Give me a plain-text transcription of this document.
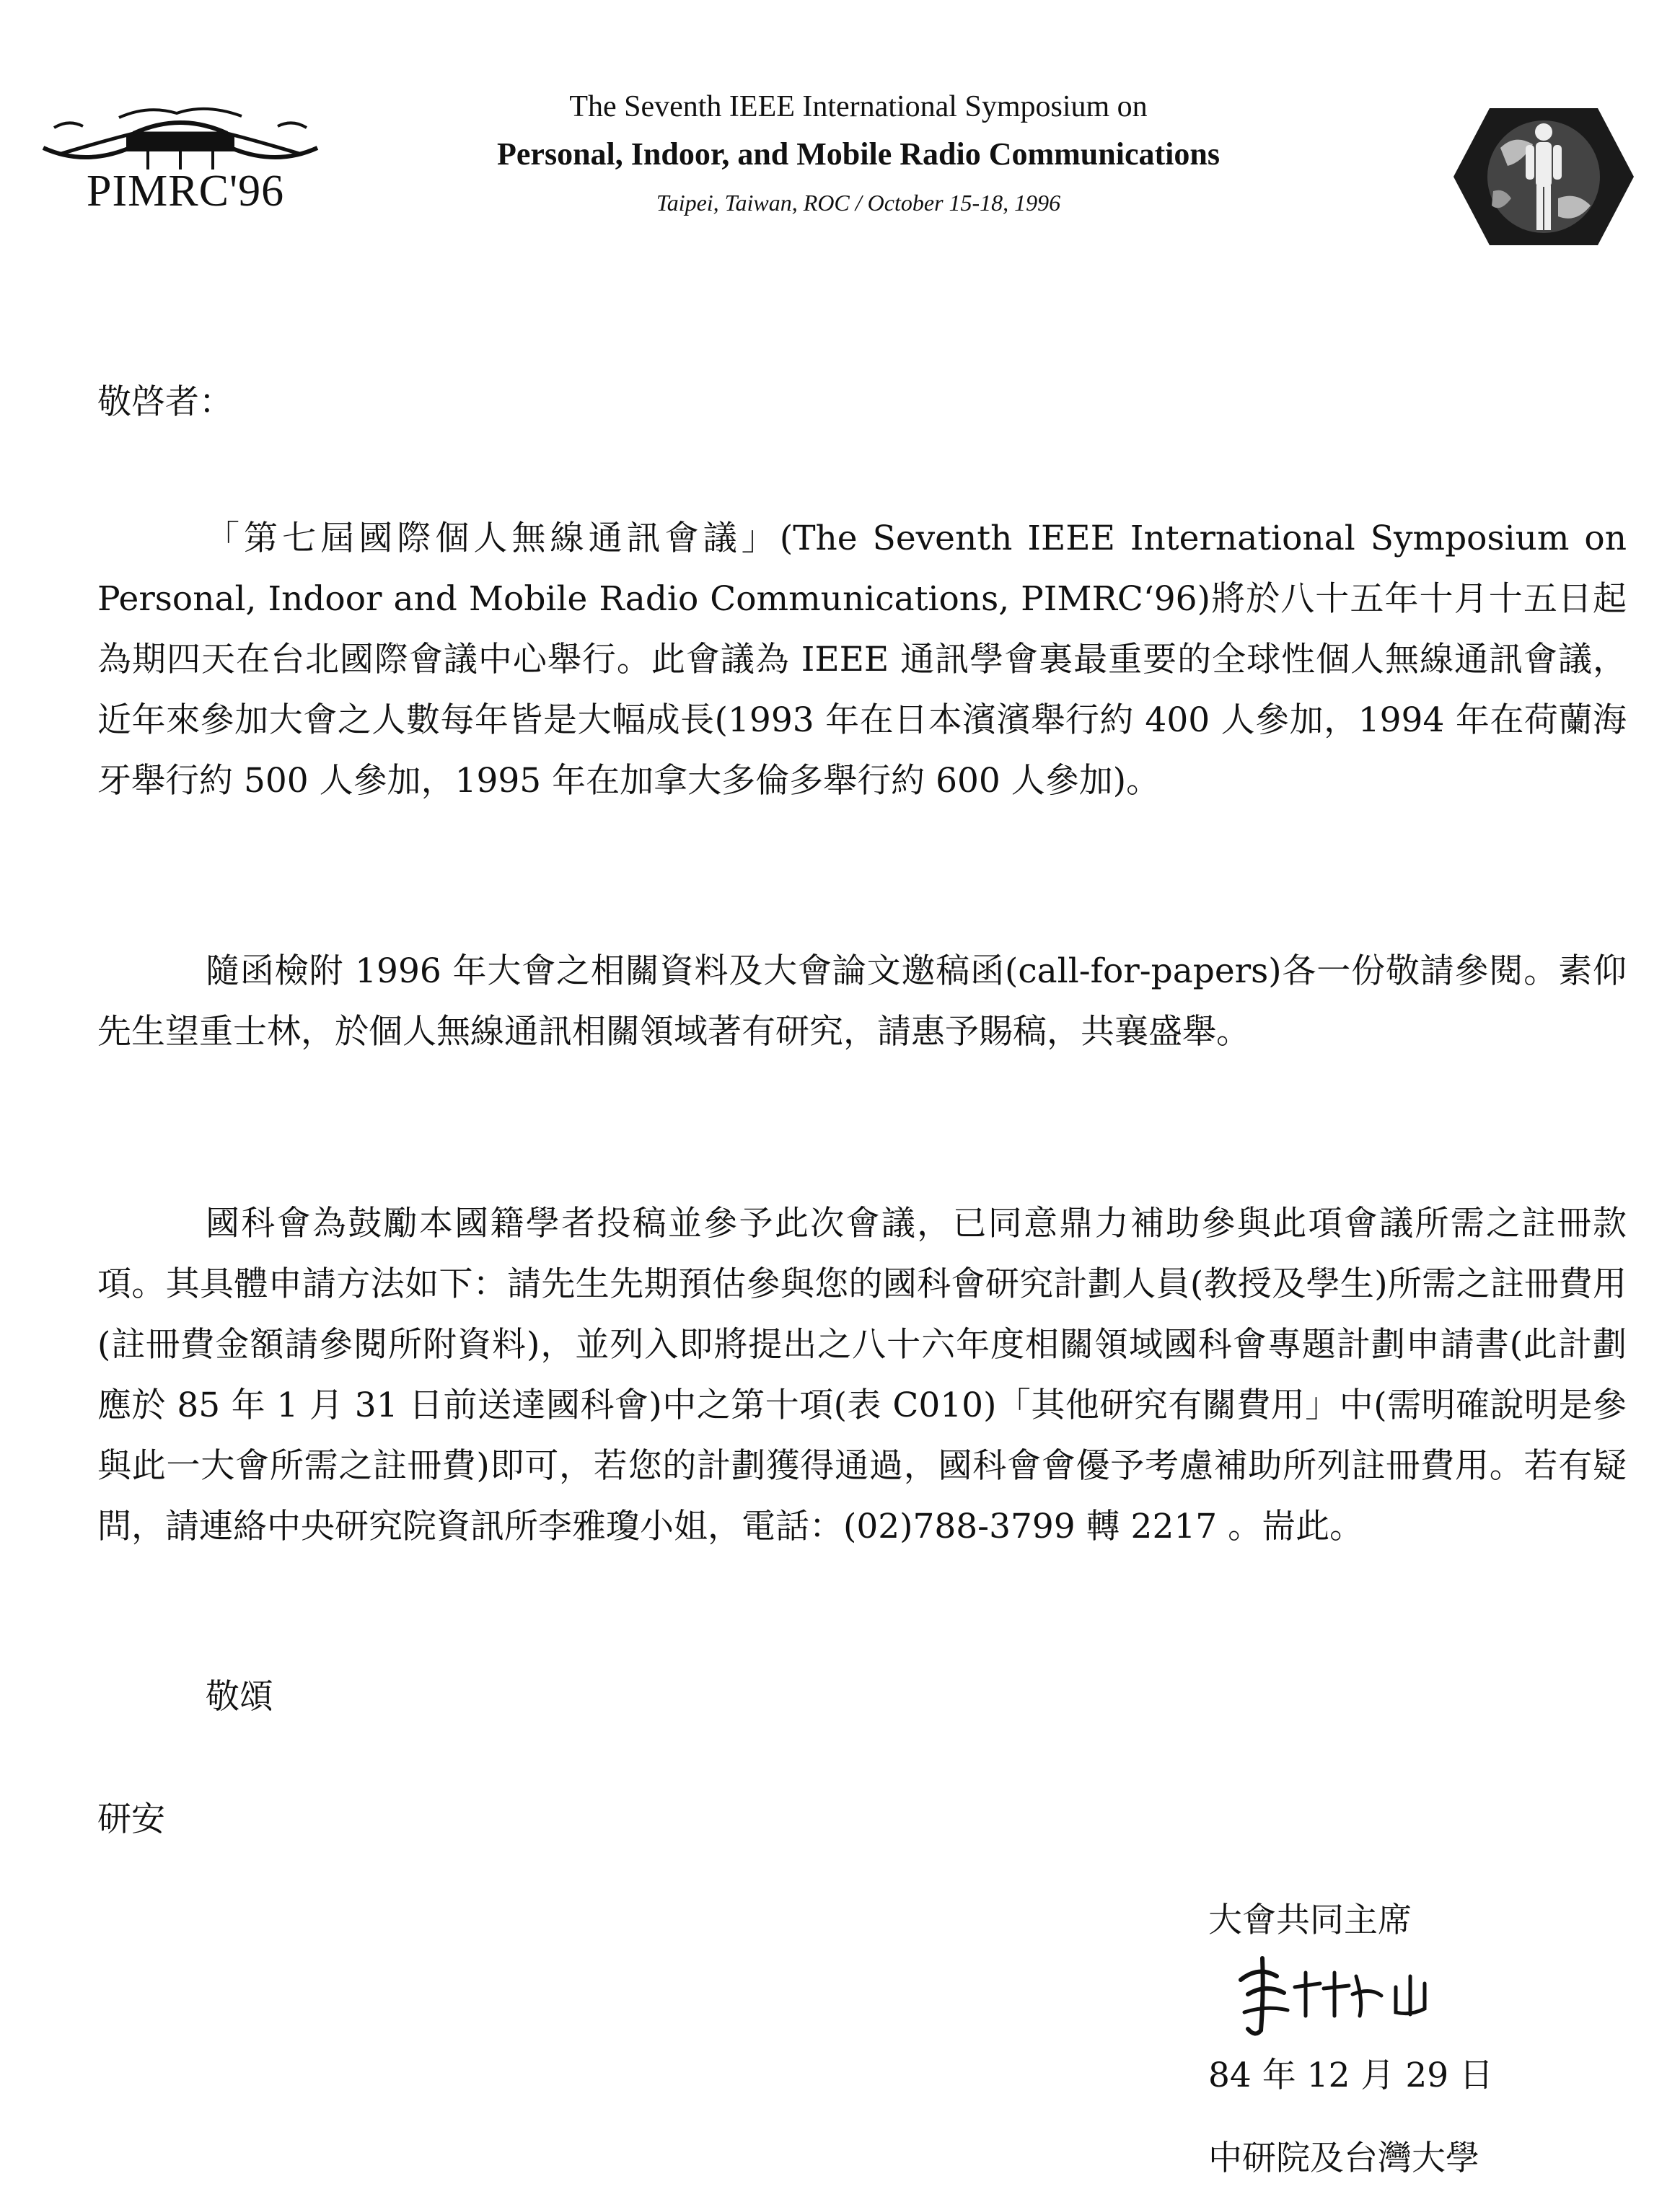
PIMRC'96
The Seventh IEEE International Symposium on
Personal, Indoor, and Mobile Radio Communications
Taipei, Taiwan, ROC / October 15-18, 1996
敬啓者：

「第七屆國際個人無線通訊會議」(The Seventh IEEE International Symposium on Personal, Indoor and Mobile Radio Communications, PIMRC‘96)將於八十五年十月十五日起為期四天在台北國際會議中心舉行。此會議為 IEEE 通訊學會裏最重要的全球性個人無線通訊會議，近年來參加大會之人數每年皆是大幅成長(1993 年在日本濱濱舉行約 400 人參加，1994 年在荷蘭海牙舉行約 500 人參加，1995 年在加拿大多倫多舉行約 600 人參加)。

隨函檢附 1996 年大會之相關資料及大會論文邀稿函(call-for-papers)各一份敬請參閱。素仰先生望重士林，於個人無線通訊相關領域著有研究，請惠予賜稿，共襄盛舉。

國科會為鼓勵本國籍學者投稿並參予此次會議，已同意鼎力補助參與此項會議所需之註冊款項。其具體申請方法如下：請先生先期預估參與您的國科會研究計劃人員(教授及學生)所需之註冊費用(註冊費金額請參閱所附資料)，並列入即將提出之八十六年度相關領域國科會專題計劃申請書(此計劃應於 85 年 1 月 31 日前送達國科會)中之第十項(表 C010)「其他研究有關費用」中(需明確說明是參與此一大會所需之註冊費)即可，若您的計劃獲得通過，國科會會優予考慮補助所列註冊費用。若有疑問，請連絡中央研究院資訊所李雅瓊小姐，電話：(02)788-3799 轉 2217 。耑此。

敬頌
研安
大會共同主席
84 年 12 月 29 日
中研院及台灣大學
